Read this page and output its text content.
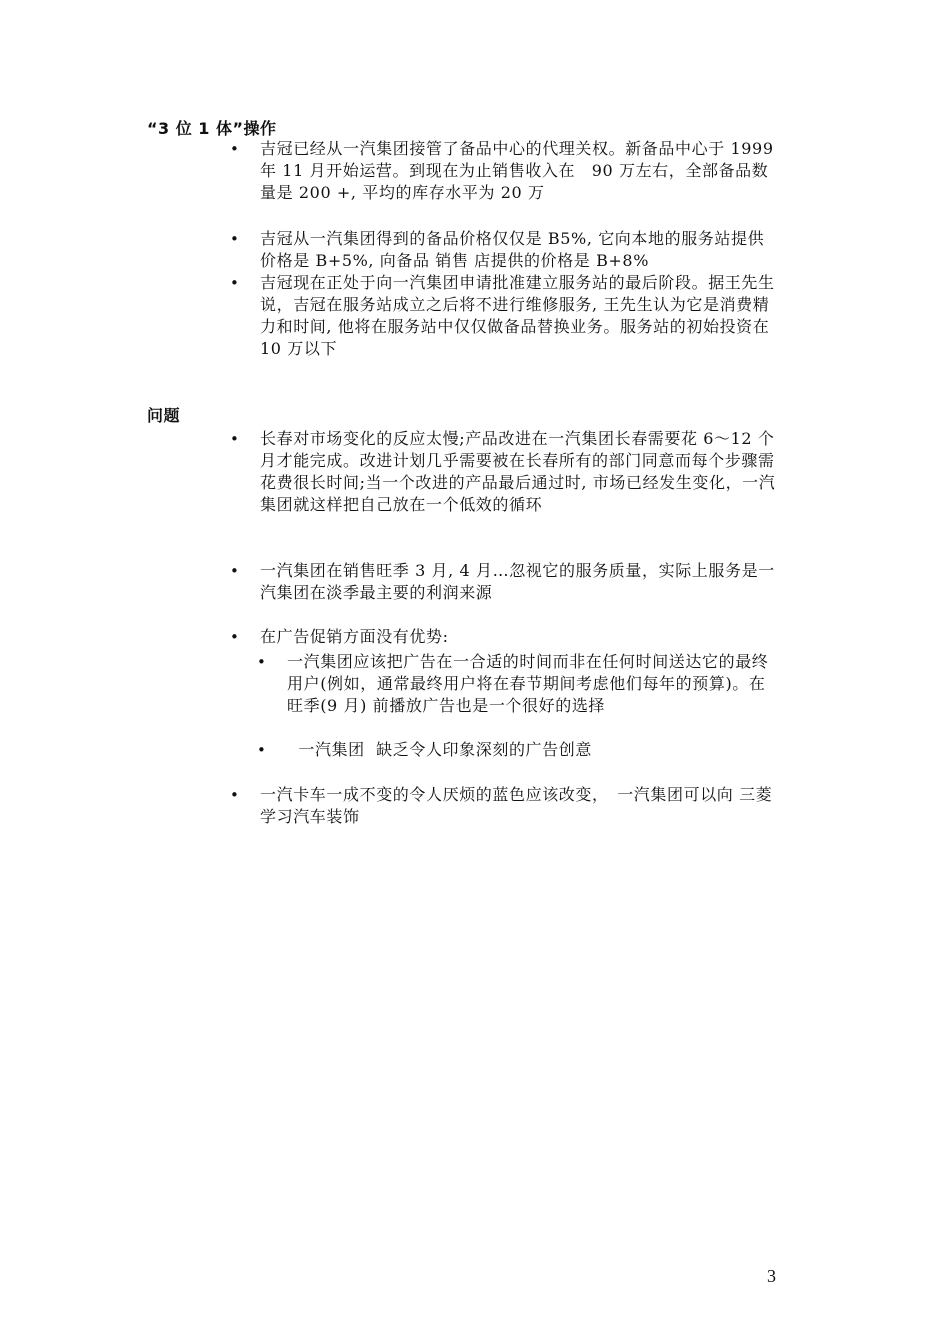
“3 位 1 体”操作
• 吉冠已经从一汽集团接管了备品中心的代理关权。新备品中心于 1999 年 11 月开始运营。到现在为止销售收入在　90 万左右，全部备品数量是 200 +, 平均的库存水平为 20 万
• 吉冠从一汽集团得到的备品价格仅仅是 B5%, 它向本地的服务站提供价格是 B+5%, 向备品 销售 店提供的价格是 B+8%
• 吉冠现在正处于向一汽集团申请批准建立服务站的最后阶段。据王先生说，吉冠在服务站成立之后将不进行维修服务, 王先生认为它是消费精力和时间, 他将在服务站中仅仅做备品替换业务。服务站的初始投资在 10 万以下
问题
• 长春对市场变化的反应太慢;产品改进在一汽集团长春需要花 6～12 个月才能完成。改进计划几乎需要被在长春所有的部门同意而每个步骤需花费很长时间;当一个改进的产品最后通过时, 市场已经发生变化，一汽集团就这样把自己放在一个低效的循环
• 一汽集团在销售旺季 3 月, 4 月…忽视它的服务质量，实际上服务是一汽集团在淡季最主要的利润来源
• 在广告促销方面没有优势:
• 一汽集团应该把广告在一合适的时间而非在任何时间送达它的最终用户(例如，通常最终用户将在春节期间考虑他们每年的预算)。在旺季(9 月) 前播放广告也是一个很好的选择
• 一汽集团  缺乏令人印象深刻的广告创意
• 一汽卡车一成不变的令人厌烦的蓝色应该改变，　一汽集团可以向 三菱 学习汽车装饰
3
